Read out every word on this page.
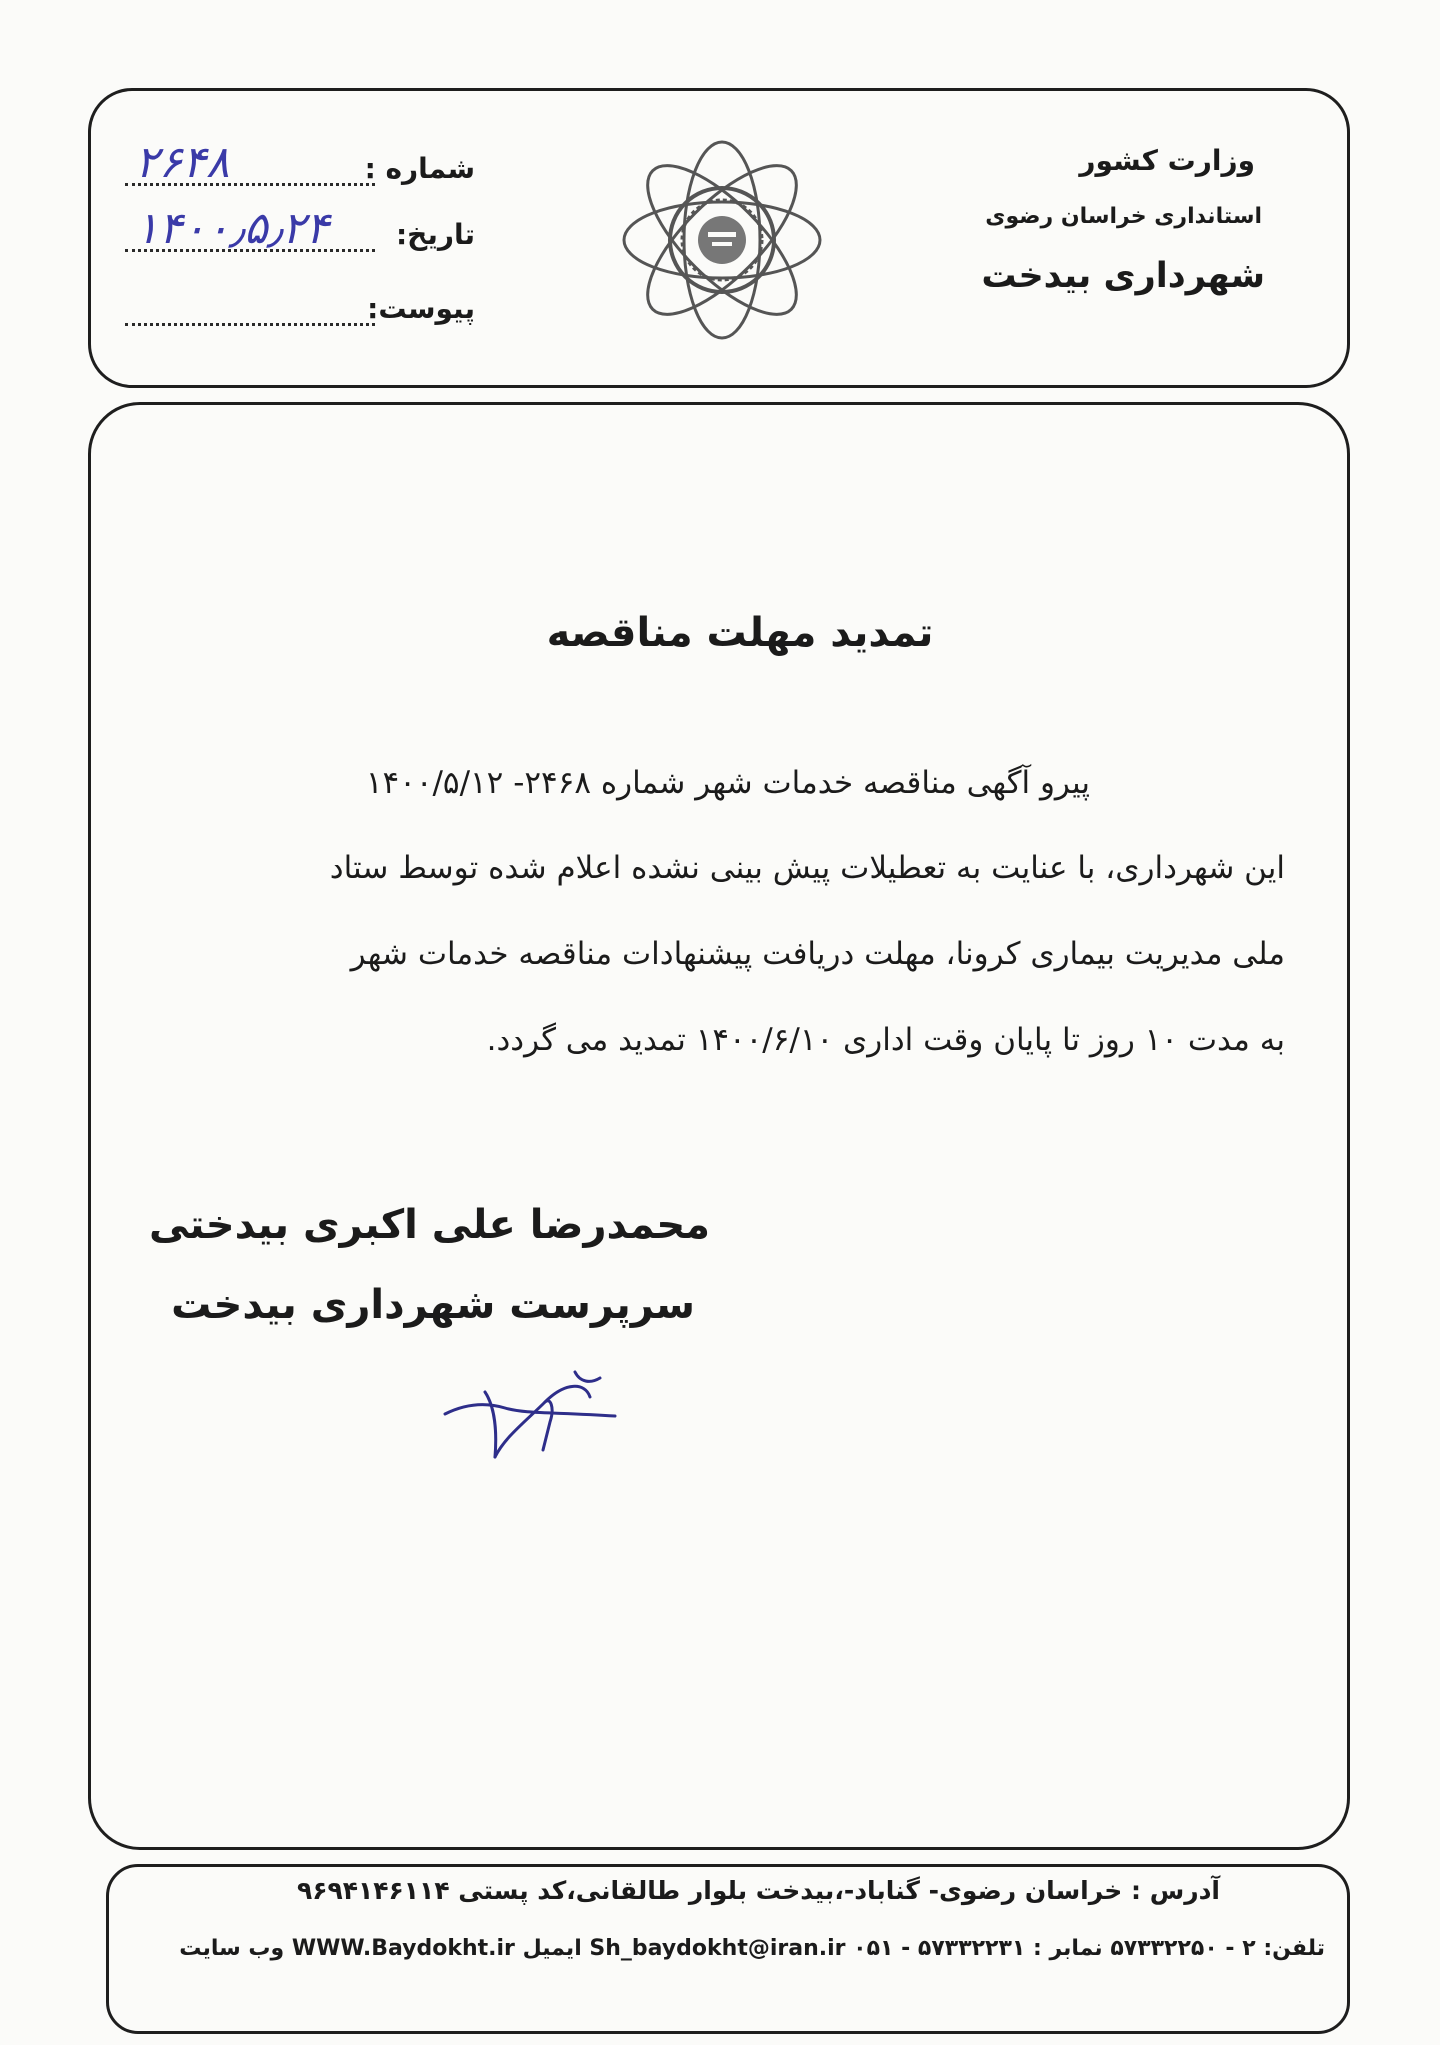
وزارت کشور
استانداری خراسان رضوی
شهرداری بیدخت
شماره :
۲۶۴۸
تاریخ:
۱۴۰۰٫۵٫۲۴
پیوست:
تمدید مهلت مناقصه
پیرو آگهی مناقصه خدمات شهر شماره ۲۴۶۸- ۱۴۰۰/۵/۱۲
این شهرداری، با عنایت به تعطیلات پیش بینی نشده اعلام شده توسط ستاد
ملی مدیریت بیماری کرونا، مهلت دریافت پیشنهادات مناقصه خدمات شهر
به مدت ۱۰ روز تا پایان وقت اداری ۱۴۰۰/۶/۱۰ تمدید می گردد.
محمدرضا علی اکبری بیدختی
سرپرست شهرداری بیدخت
آدرس : خراسان رضوی- گناباد-،بیدخت بلوار طالقانی،کد پستی ۹۶۹۴۱۴۶۱۱۴
تلفن: ۲ - ۵۷۳۳۲۲۵۰ نمابر : ۵۷۳۳۲۲۳۱ - ۰۵۱ Sh_baydokht@iran.ir ایمیل WWW.Baydokht.ir وب سایت
